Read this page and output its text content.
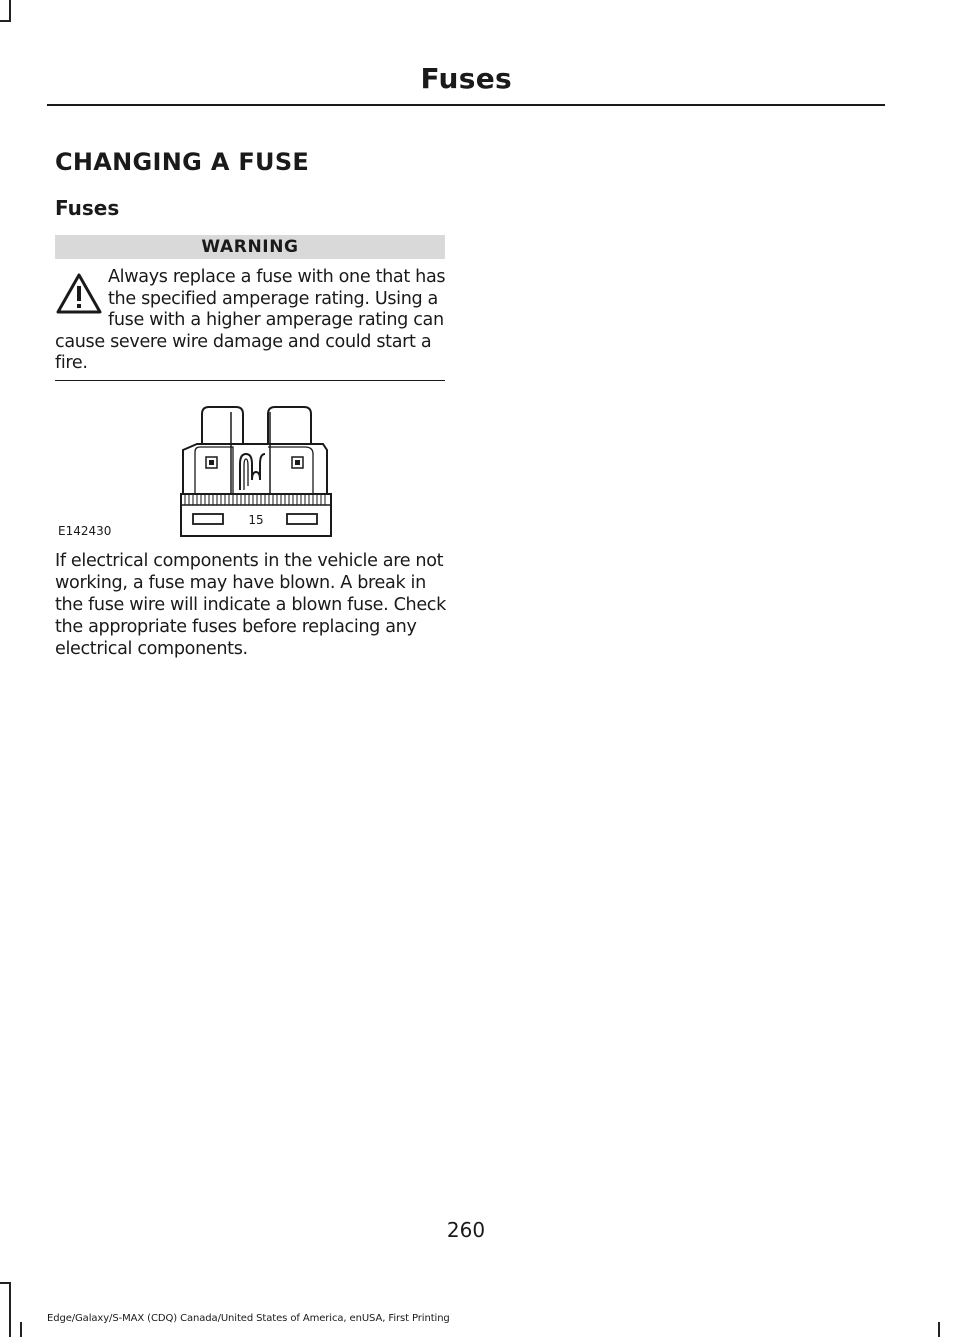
Fuses
CHANGING A FUSE
Fuses
WARNING
Always replace a fuse with one that has the specified amperage rating. Using a fuse with a higher amperage rating can cause severe wire damage and could start a fire.
15
E142430
If electrical components in the vehicle are not working, a fuse may have blown. A break in the fuse wire will indicate a blown fuse. Check the appropriate fuses before replacing any electrical components.
260
Edge/Galaxy/S-MAX (CDQ) Canada/United States of America, enUSA, First Printing
